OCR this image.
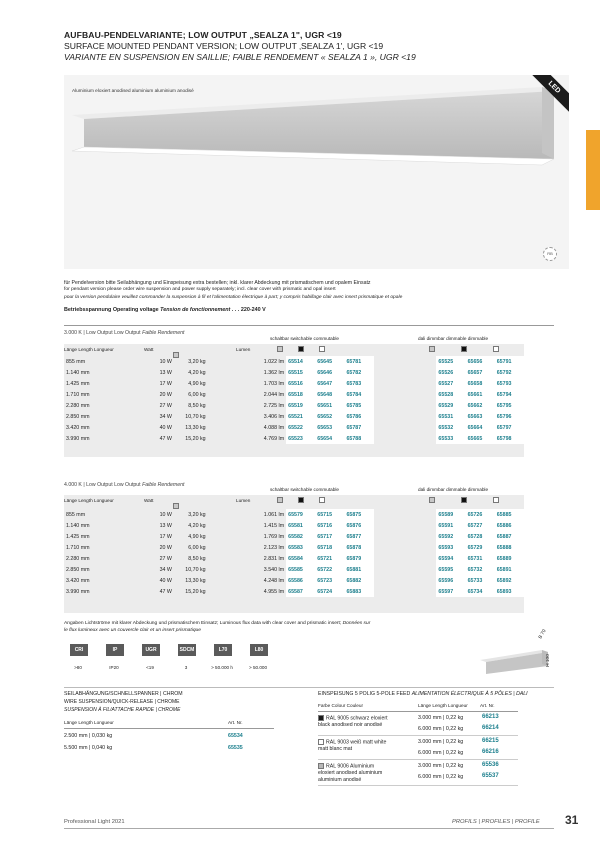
AUFBAU-PENDELVARIANTE; LOW OUTPUT „SEALZA 1", UGR <19
SURFACE MOUNTED PENDANT VERSION; LOW OUTPUT ‚SEALZA 1', UGR <19
VARIANTE EN SUSPENSION EN SAILLIE; FAIBLE RENDEMENT « SEALZA 1 », UGR <19
Aluminium eloxiert anodised aluminium aluminium anodisé	LED
RB
für Pendelversion bitte Seilabhängung und Einspeisung extra bestellen; inkl. klarer Abdeckung mit prismatischem und opalem Einsatz
for pendant version please order wire suspension and power supply separately; incl. clear cover with prismatic and opal insert
pour la version pendulaire veuillez commander la suspension à fil et l'alimentation électrique à part; y compris habillage clair avec insert prismatique et opale
Betriebsspannung Operating voltage Tension de fonctionnement . . . 220-240 V
3.000 K | Low Output Low Output Faible Rendement
schaltbar switchable commutable	dali dimmbar dimmable dimmable
Länge Length Longueur	Watt	Lumen
855 mm	10 W	3,20 kg	1.022 lm	65514	65645	65781		65525	65656	65791
1.140 mm	13 W	4,20 kg	1.362 lm	65515	65646	65782		65526	65657	65792
1.425 mm	17 W	4,90 kg	1.703 lm	65516	65647	65783		65527	65658	65793
1.710 mm	20 W	6,00 kg	2.044 lm	65518	65648	65784		65528	65661	65794
2.280 mm	27 W	8,50 kg	2.725 lm	65519	65651	65785		65529	65662	65795
2.850 mm	34 W	10,70 kg	3.406 lm	65521	65652	65786		65531	65663	65796
3.420 mm	40 W	13,30 kg	4.088 lm	65522	65653	65787		65532	65664	65797
3.990 mm	47 W	15,20 kg	4.769 lm	65523	65654	65788		65533	65665	65798
4.000 K | Low Output Low Output Faible Rendement
schaltbar switchable commutable	dali dimmbar dimmable dimmable
Länge Length Longueur	Watt	Lumen
855 mm	10 W	3,20 kg	1.061 lm	65579	65715	65875		65589	65726	65885
1.140 mm	13 W	4,20 kg	1.415 lm	65581	65716	65876		65591	65727	65886
1.425 mm	17 W	4,90 kg	1.769 lm	65582	65717	65877		65592	65728	65887
1.710 mm	20 W	6,00 kg	2.123 lm	65583	65718	65878		65593	65729	65888
2.280 mm	27 W	8,50 kg	2.831 lm	65584	65721	65879		65594	65731	65889
2.850 mm	34 W	10,70 kg	3.540 lm	65585	65722	65881		65595	65732	65891
3.420 mm	40 W	13,30 kg	4.248 lm	65586	65723	65882		65596	65733	65892
3.990 mm	47 W	15,20 kg	4.955 lm	65587	65724	65883		65597	65734	65893
Angaben Lichtströme mit klarer Abdeckung und prismatischem Einsatz; Luminous flux data with clear cover and prismatic insert; Données sur
le flux lumineux avec un couvercle clair et un insert prismatique
CRI
>80
IP
IP20
UGR
<19
SDCM
3
L70
> 50.000 h
L80
> 50.000
B 70
H 100
SEILABHÄNGUNG/SCHNELLSPANNER | CHROM
WIRE SUSPENSION/QUICK-RELEASE | CHROME
SUSPENSION À FIL/ATTACHE RAPIDE | CHROME
Länge Length Longueur	Art. Nr.
2.500 mm | 0,030 kg	65534
5.500 mm | 0,040 kg	65535
EINSPEISUNG 5 POLIG 5-POLE FEED ALIMENTATION ÉLECTRIQUE À 5 PÔLES | DALI
Farbe Colour Couleur	Länge Length Longueur	Art. Nr.
RAL 9005 schwarz eloxiert
black anodised noir anodisé
3.000 mm | 0,22 kg	66213
6.000 mm | 0,22 kg	66214
RAL 9003 weiß matt white
matt blanc mat
3.000 mm | 0,22 kg	66215
6.000 mm | 0,22 kg	66216
RAL 9006 Aluminium
eloxiert anodised aluminium
aluminium anodisé
3.000 mm | 0,22 kg	65536
6.000 mm | 0,22 kg	65537
Professional Light 2021	PROFILS | PROFILES | PROFILE 31
